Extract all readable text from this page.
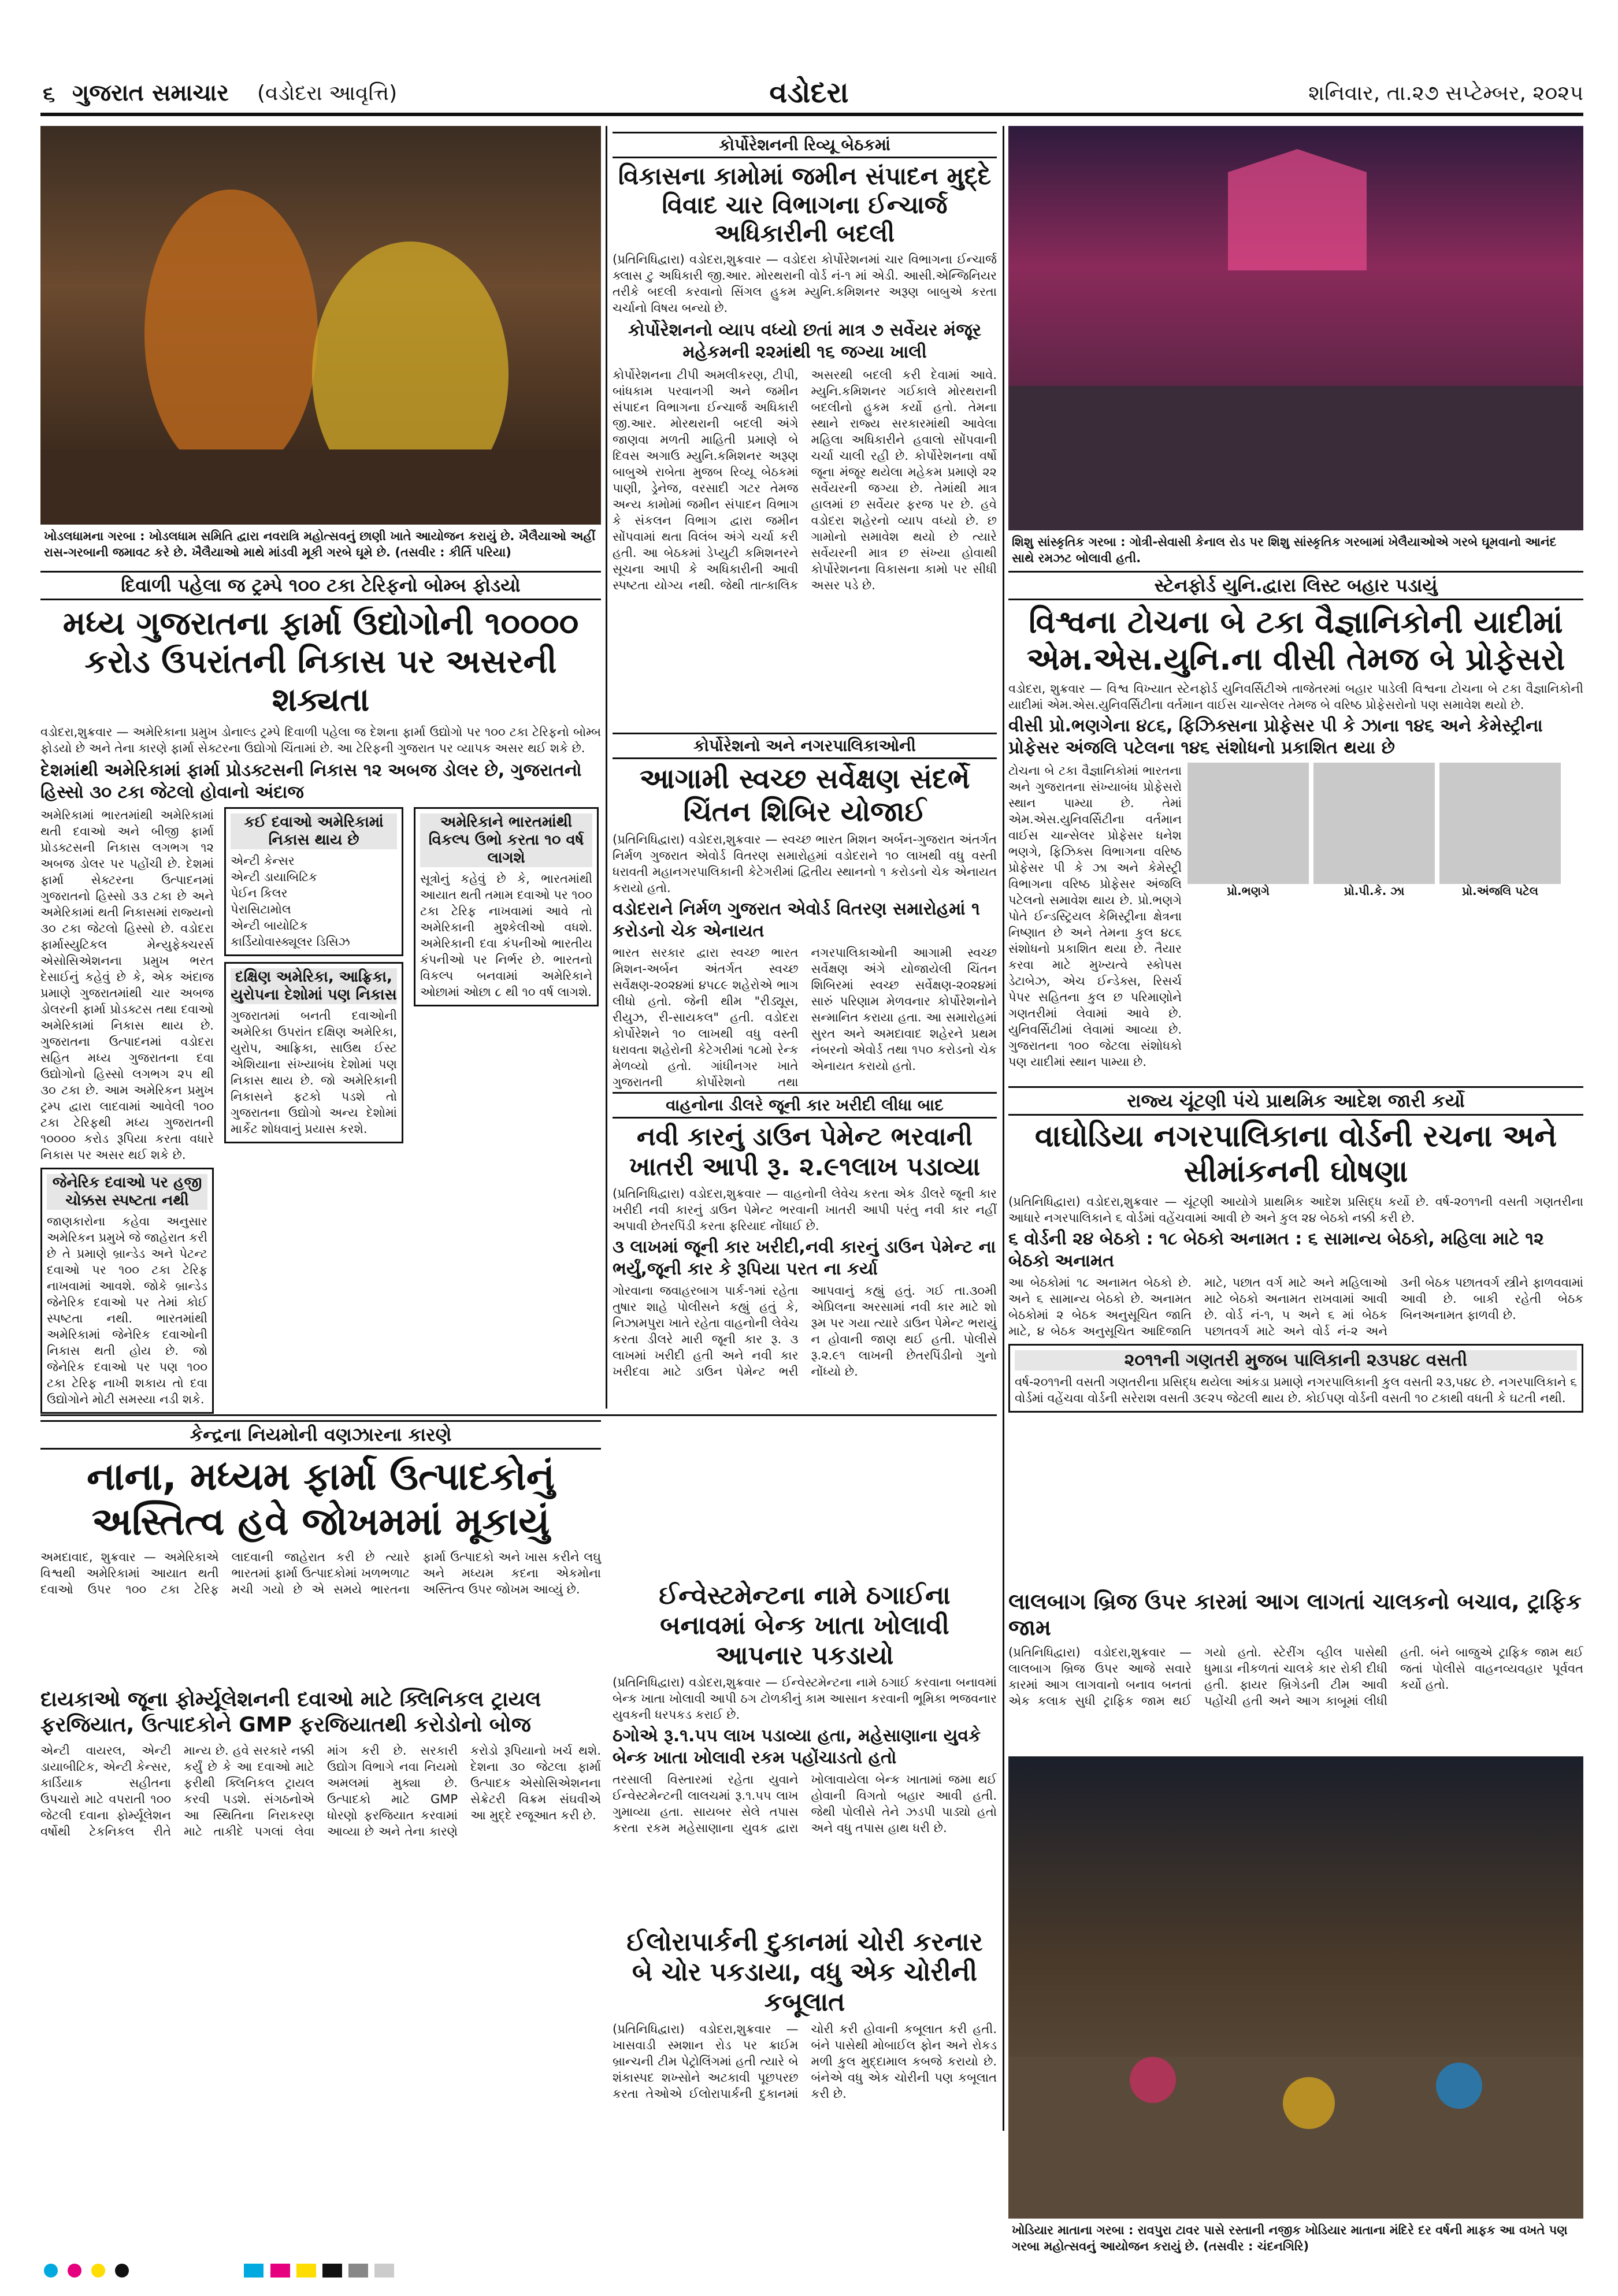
૬ ગુજરાત સમાચાર (વડોદરા આવૃત્તિ)	વડોદરા	શનિવાર, તા.૨૭ સપ્ટેમ્બર, ૨૦૨૫
ખોડલધામના ગરબા : ખોડલધામ સમિતિ દ્વારા નવરાત્રિ મહોત્સવનું છાણી ખાતે આયોજન કરાયું છે. ખૈલૈયાઓ અહીં રાસ-ગરબાની જમાવટ કરે છે. ખૈલૈયાઓ માથે માંડવી મૂકી ગરબે ઘૂમે છે. (તસવીર : કીર્તિ પરિયા)
શિશુ સાંસ્કૃતિક ગરબા : ગોત્રી-સેવાસી કેનાલ રોડ પર શિશુ સાંસ્કૃતિક ગરબામાં ખેલૈયાઓએ ગરબે ઘૂમવાનો આનંદ સાથે રમઝટ બોલાવી હતી.
કોર્પોરેશનની રિવ્યૂ બેઠકમાં
વિકાસના કામોમાં જમીન સંપાદન મુદ્દે વિવાદ ચાર વિભાગના ઈન્ચાર્જ અધિકારીની બદલી
(પ્રતિનિધિદ્વારા) વડોદરા,શુક્રવાર — વડોદરા કોર્પોરેશનમાં ચાર વિભાગના ઈન્ચાર્જ ક્લાસ ટુ અધિકારી જી.આર. મોરથરાની વોર્ડ નં-૧ માં એડી. આસી.એન્જિનિયર તરીકે બદલી કરવાનો સિંગલ હુકમ મ્યુનિ.કમિશનર અરૂણ બાબુએ કરતા ચર્ચાનો વિષય બન્યો છે.
કોર્પોરેશનનો વ્યાપ વધ્યો છતાં માત્ર ૭ સર્વેયર મંજૂર મહેકમની ૨૨માંથી ૧૬ જગ્યા ખાલી
કોર્પોરેશનના ટીપી અમલીકરણ, ટીપી, બાંધકામ પરવાનગી અને જમીન સંપાદન વિભાગના ઈન્ચાર્જ અધિકારી જી.આર. મોરથરાની બદલી અંગે જાણવા મળતી માહિતી પ્રમાણે બે દિવસ અગાઉ મ્યુનિ.કમિશનર અરૂણ બાબુએ રાબેતા મુજબ રિવ્યૂ બેઠકમાં પાણી, ડ્રેનેજ, વરસાદી ગટર તેમજ અન્ય કામોમાં જમીન સંપાદન વિભાગ કે સંકલન વિભાગ દ્વારા જમીન સોંપવામાં થતા વિલંબ અંગે ચર્ચા કરી હતી. આ બેઠકમાં ડેપ્યુટી કમિશનરને સૂચના આપી કે અધિકારીની આવી સ્પષ્ટતા યોગ્ય નથી. જેથી તાત્કાલિક અસરથી બદલી કરી દેવામાં આવે. મ્યુનિ.કમિશનર ગઈકાલે મોરથરાની બદલીનો હુકમ કર્યો હતો. તેમના સ્થાને રાજ્ય સરકારમાંથી આવેલા મહિલા અધિકારીને હવાલો સોંપવાની ચર્ચા ચાલી રહી છે. કોર્પોરેશનના વર્ષો જૂના મંજૂર થયેલા મહેકમ પ્રમાણે ૨૨ સર્વેયરની જગ્યા છે. તેમાંથી માત્ર હાલમાં છ સર્વેયર ફરજ પર છે. હવે વડોદરા શહેરનો વ્યાપ વધ્યો છે. છ ગામોનો સમાવેશ થયો છે ત્યારે સર્વેયરની માત્ર છ સંખ્યા હોવાથી કોર્પોરેશનના વિકાસના કામો પર સીધી અસર પડે છે.
દિવાળી પહેલા જ ટ્રમ્પે ૧૦૦ ટકા ટેરિફનો બોમ્બ ફોડયો
મધ્ય ગુજરાતના ફાર્મા ઉદ્યોગોની ૧૦૦૦૦ કરોડ ઉપરાંતની નિકાસ પર અસરની શક્યતા
વડોદરા,શુક્રવાર — અમેરિકાના પ્રમુખ ડોનાલ્ડ ટ્રમ્પે દિવાળી પહેલા જ દેશના ફાર્મા ઉદ્યોગો પર ૧૦૦ ટકા ટેરિફનો બોમ્બ ફોડયો છે અને તેના કારણે ફાર્મા સેક્ટરના ઉદ્યોગો ચિંતામાં છે. આ ટેરિફની ગુજરાત પર વ્યાપક અસર થઈ શકે છે.
દેશમાંથી અમેરિકામાં ફાર્મા પ્રોડક્ટસની નિકાસ ૧૨ અબજ ડોલર છે, ગુજરાતનો હિસ્સો ૩૦ ટકા જેટલો હોવાનો અંદાજ
અમેરિકામાં ભારતમાંથી અમેરિકામાં થતી દવાઓ અને બીજી ફાર્મા પ્રોડક્ટસની નિકાસ લગભગ ૧૨ અબજ ડોલર પર પહોંચી છે. દેશમાં ફાર્મા સેક્ટરના ઉત્પાદનમાં ગુજરાતનો હિસ્સો ૩૩ ટકા છે અને અમેરિકામાં થતી નિકાસમાં રાજ્યનો ૩૦ ટકા જેટલો હિસ્સો છે. વડોદરા ફાર્માસ્યુટિકલ મેન્યુફેક્ચરર્સ એસોસિએશનના પ્રમુખ ભરત દેસાઈનું કહેવું છે કે, એક અંદાજ પ્રમાણે ગુજરાતમાંથી ચાર અબજ ડોલરની ફાર્મા પ્રોડક્ટસ તથા દવાઓ અમેરિકામાં નિકાસ થાય છે. ગુજરાતના ઉત્પાદનમાં વડોદરા સહિત મધ્ય ગુજરાતના દવા ઉદ્યોગોનો હિસ્સો લગભગ ૨૫ થી ૩૦ ટકા છે. આમ અમેરિકન પ્રમુખ ટ્રમ્પ દ્વારા લાદવામાં આવેલી ૧૦૦ ટકા ટેરિફથી મધ્ય ગુજરાતની ૧૦૦૦૦ કરોડ રૂપિયા કરતા વધારે નિકાસ પર અસર થઈ શકે છે.
જેનેરિક દવાઓ પર હજી ચોક્કસ સ્પષ્ટતા નથી
જાણકારોના કહેવા અનુસાર અમેરિકન પ્રમુખે જે જાહેરાત કરી છે તે પ્રમાણે બ્રાન્ડેડ અને પેટન્ટ દવાઓ પર ૧૦૦ ટકા ટેરિફ નાખવામાં આવશે. જોકે બ્રાન્ડેડ જેનેરિક દવાઓ પર તેમાં કોઈ સ્પષ્ટતા નથી. ભારતમાંથી અમેરિકામાં જેનેરિક દવાઓની નિકાસ થતી હોય છે. જો જેનેરિક દવાઓ પર પણ ૧૦૦ ટકા ટેરિફ નાખી શકાય તો દવા ઉદ્યોગોને મોટી સમસ્યા નડી શકે.
કઈ દવાઓ અમેરિકામાં નિકાસ થાય છે
એન્ટી કેન્સર
એન્ટી ડાયાબિટિક
પેઈન કિલર
પેરાસિટામોલ
એન્ટી બાયોટિક
કાર્ડિયોવાસ્ક્યૂલર ડિસિઝ
દક્ષિણ અમેરિકા, આફ્રિકા, યુરોપના દેશોમાં પણ નિકાસ
ગુજરાતમાં બનતી દવાઓની અમેરિકા ઉપરાંત દક્ષિણ અમેરિકા, યુરોપ, આફ્રિકા, સાઉથ ઈસ્ટ એશિયાના સંખ્યાબંધ દેશોમાં પણ નિકાસ થાય છે. જો અમેરિકાની નિકાસને ફટકો પડશે તો ગુજરાતના ઉદ્યોગો અન્ય દેશોમાં માર્કેટ શોધવાનું પ્રયાસ કરશે.
અમેરિકાને ભારતમાંથી વિકલ્પ ઉભો કરતા ૧૦ વર્ષ લાગશે
સૂત્રોનું કહેવું છે કે, ભારતમાંથી આયાત થતી તમામ દવાઓ પર ૧૦૦ ટકા ટેરિફ નાખવામાં આવે તો અમેરિકાની મુશ્કેલીઓ વધશે. અમેરિકાની દવા કંપનીઓ ભારતીય કંપનીઓ પર નિર્ભર છે. ભારતનો વિકલ્પ બનવામાં અમેરિકાને ઓછામાં ઓછા ૮ થી ૧૦ વર્ષ લાગશે.
કોર્પોરેશનો અને નગરપાલિકાઓની
આગામી સ્વચ્છ સર્વેક્ષણ સંદર્ભે ચિંતન શિબિર યોજાઈ
(પ્રતિનિધિદ્વારા) વડોદરા,શુક્રવાર — સ્વચ્છ ભારત મિશન અર્બન-ગુજરાત અંતર્ગત નિર્મળ ગુજરાત એવોર્ડ વિતરણ સમારોહમાં વડોદરાને ૧૦ લાખથી વધુ વસ્તી ધરાવતી મહાનગરપાલિકાની કેટેગરીમાં દ્વિતીય સ્થાનનો ૧ કરોડનો ચેક એનાયત કરાયો હતો.
વડોદરાને નિર્મળ ગુજરાત એવોર્ડ વિતરણ સમારોહમાં ૧ કરોડનો ચેક એનાયત
ભારત સરકાર દ્વારા સ્વચ્છ ભારત મિશન-અર્બન અંતર્ગત સ્વચ્છ સર્વેક્ષણ-૨૦૨૪માં ૪૫૮૯ શહેરોએ ભાગ લીધો હતો. જેની થીમ "રીડ્યૂસ, રીયુઝ, રી-સાયકલ" હતી. વડોદરા કોર્પોરેશને ૧૦ લાખથી વધુ વસ્તી ધરાવતા શહેરોની કેટેગરીમાં ૧૮મો રેન્ક મેળવ્યો હતો. ગાંધીનગર ખાતે ગુજરાતની કોર્પોરેશનો તથા નગરપાલિકાઓની આગામી સ્વચ્છ સર્વેક્ષણ અંગે યોજાયેલી ચિંતન શિબિરમાં સ્વચ્છ સર્વેક્ષણ-૨૦૨૪માં સારું પરિણામ મેળવનાર કોર્પોરેશનોને સન્માનિત કરાયા હતા. આ સમારોહમાં સુરત અને અમદાવાદ શહેરને પ્રથમ નંબરનો એવોર્ડ તથા ૧૫૦ કરોડનો ચેક એનાયત કરાયો હતો.
વાહનોના ડીલરે જૂની કાર ખરીદી લીધા બાદ
નવી કારનું ડાઉન પેમેન્ટ ભરવાની ખાતરી આપી રૂ. ૨.૯૧લાખ પડાવ્યા
(પ્રતિનિધિદ્વારા) વડોદરા,શુક્રવાર — વાહનોની લેવેચ કરતા એક ડીલરે જૂની કાર ખરીદી નવી કારનું ડાઉન પેમેન્ટ ભરવાની ખાતરી આપી પરંતુ નવી કાર નહીં અપાવી છેતરપિંડી કરતા ફરિયાદ નોંધાઈ છે.
૩ લાખમાં જૂની કાર ખરીદી,નવી કારનું ડાઉન પેમેન્ટ ના ભર્યું,જૂની કાર કે રૂપિયા પરત ના કર્યા
ગોરવાના જવાહરબાગ પાર્ક-૧માં રહેતા તુષાર શાહે પોલીસને કહ્યું હતું કે, નિઝામપુરા ખાતે રહેતા વાહનોની લેવેચ કરતા ડીલરે મારી જૂની કાર રૂ. ૩ લાખમાં ખરીદી હતી અને નવી કાર ખરીદવા માટે ડાઉન પેમેન્ટ ભરી આપવાનું કહ્યું હતું. ગઈ તા.૩૦મી એપ્રિલના અરસામાં નવી કાર માટે શો રૂમ પર ગયા ત્યારે ડાઉન પેમેન્ટ ભરાયું ન હોવાની જાણ થઈ હતી. પોલીસે રૂ.૨.૯૧ લાખની છેતરપિંડીનો ગુનો નોંધ્યો છે.
સ્ટેનફોર્ડ યુનિ.દ્વારા લિસ્ટ બહાર પડાયું
વિશ્વના ટોચના બે ટકા વૈજ્ઞાનિકોની યાદીમાં એમ.એસ.યુનિ.ના વીસી તેમજ બે પ્રોફેસરો
વડોદરા, શુક્રવાર — વિશ્વ વિખ્યાત સ્ટેનફોર્ડ યુનિવર્સિટીએ તાજેતરમાં બહાર પાડેલી વિશ્વના ટોચના બે ટકા વૈજ્ઞાનિકોની યાદીમાં એમ.એસ.યુનિવર્સિટીના વર્તમાન વાઈસ ચાન્સેલર તેમજ બે વરિષ્ઠ પ્રોફેસરોનો પણ સમાવેશ થયો છે.
વીસી પ્રો.ભણગેના ૪૮૬, ફિઝિક્સના પ્રોફેસર પી કે ઝાના ૧૪૬ અને કેમેસ્ટ્રીના પ્રોફેસર અંજલિ પટેલના ૧૪૬ સંશોધનો પ્રકાશિત થયા છે
ટોચના બે ટકા વૈજ્ઞાનિકોમાં ભારતના અને ગુજરાતના સંખ્યાબંધ પ્રોફેસરો સ્થાન પામ્યા છે. તેમાં એમ.એસ.યુનિવર્સિટીના વર્તમાન વાઈસ ચાન્સેલર પ્રોફેસર ધનેશ ભણગે, ફિઝિક્સ વિભાગના વરિષ્ઠ પ્રોફેસર પી કે ઝા અને કેમેસ્ટ્રી વિભાગના વરિષ્ઠ પ્રોફેસર અંજલિ પટેલનો સમાવેશ થાય છે. પ્રો.ભણગે પોતે ઈન્ડસ્ટ્રિયલ કેમિસ્ટ્રીના ક્ષેત્રના નિષ્ણાત છે અને તેમના કુલ ૪૮૬ સંશોધનો પ્રકાશિત થયા છે. તૈયાર કરવા માટે મુખ્યત્વે સ્કોપસ ડેટાબેઝ, એચ ઈન્ડેક્સ, રિસર્ચ પેપર સહિતના કુલ છ પરિમાણોને ગણતરીમાં લેવામાં આવે છે. યુનિવર્સિટીમાં લેવામાં આવ્યા છે. ગુજરાતના ૧૦૦ જેટલા સંશોધકો પણ યાદીમાં સ્થાન પામ્યા છે.
પ્રો.ભણગે	પ્રો.પી.કે. ઝા	પ્રો.અંજલિ પટેલ
રાજ્ય ચૂંટણી પંચે પ્રાથમિક આદેશ જારી કર્યો
વાઘોડિયા નગરપાલિકાના વોર્ડની રચના અને સીમાંકનની ઘોષણા
(પ્રતિનિધિદ્વારા) વડોદરા,શુક્રવાર — ચૂંટણી આયોગે પ્રાથમિક આદેશ પ્રસિદ્ધ કર્યો છે. વર્ષ-૨૦૧૧ની વસતી ગણતરીના આધારે નગરપાલિકાને ૬ વોર્ડમાં વહેંચવામાં આવી છે અને કુલ ૨૪ બેઠકો નક્કી કરી છે.
૬ વોર્ડની ૨૪ બેઠકો : ૧૮ બેઠકો અનામત : ૬ સામાન્ય બેઠકો, મહિલા માટે ૧૨ બેઠકો અનામત
આ બેઠકોમાં ૧૮ અનામત બેઠકો છે. અને ૬ સામાન્ય બેઠકો છે. અનામત બેઠકોમાં ૨ બેઠક અનુસૂચિત જાતિ માટે, ૪ બેઠક અનુસૂચિત આદિજાતિ માટે, પછાત વર્ગ માટે અને મહિલાઓ માટે બેઠકો અનામત રાખવામાં આવી છે. વોર્ડ નં-૧, ૫ અને ૬ માં બેઠક પછાતવર્ગ માટે અને વોર્ડ નં-૨ અને ૩ની બેઠક પછાતવર્ગ સ્ત્રીને ફાળવવામાં આવી છે. બાકી રહેતી બેઠક બિનઅનામત ફાળવી છે.
૨૦૧૧ની ગણતરી મુજબ પાલિકાની ૨૩૫૪૮ વસતી
વર્ષ-૨૦૧૧ની વસતી ગણતરીના પ્રસિદ્ધ થયેલા આંકડા પ્રમાણે નગરપાલિકાની કુલ વસતી ૨૩,૫૪૮ છે. નગરપાલિકાને ૬ વોર્ડમાં વહેંચવા વોર્ડની સરેરાશ વસતી ૩૯૨૫ જેટલી થાય છે. કોઈપણ વોર્ડની વસતી ૧૦ ટકાથી વધતી કે ઘટતી નથી.
કેન્દ્રના નિયમોની વણઝારના કારણે
નાના, મધ્યમ ફાર્મા ઉત્પાદકોનું અસ્તિત્વ હવે જોખમમાં મૂકાયું
અમદાવાદ, શુક્રવાર — અમેરિકાએ વિશ્વથી અમેરિકામાં આયાત થતી દવાઓ ઉપર ૧૦૦ ટકા ટેરિફ લાદવાની જાહેરાત કરી છે ત્યારે ભારતમાં ફાર્મા ઉત્પાદકોમાં ખળભળાટ મચી ગયો છે એ સમયે ભારતના ફાર્મા ઉત્પાદકો અને ખાસ કરીને લઘુ અને મધ્યમ કદના એકમોના અસ્તિત્વ ઉપર જોખમ આવ્યું છે.
દાયકાઓ જૂના ફોર્મ્યૂલેશનની દવાઓ માટે ક્લિનિકલ ટ્રાયલ ફરજિયાત, ઉત્પાદકોને GMP ફરજિયાતથી કરોડોનો બોજ
એન્ટી વાયરલ, એન્ટી ડાયાબીટિક, એન્ટી કેન્સર, કાર્ડિયાક સહીતના ઉપચારો માટે વપરાતી ૧૦૦ જેટલી દવાના ફોર્મ્યૂલેશન વર્ષોથી ટેકનિકલ રીતે માન્ય છે. હવે સરકારે નક્કી કર્યું છે કે આ દવાઓ માટે ફરીથી ક્લિનિકલ ટ્રાયલ કરવી પડશે. સંગઠનોએ આ સ્થિતિના નિરાકરણ માટે તાકીદે પગલાં લેવા માંગ કરી છે. સરકારી ઉદ્યોગ વિભાગે નવા નિયમો અમલમાં મુક્યા છે. ઉત્પાદકો માટે GMP ધોરણો ફરજિયાત કરવામાં આવ્યા છે અને તેના કારણે કરોડો રૂપિયાનો ખર્ચ થશે. દેશના ૩૦ જેટલા ફાર્મા ઉત્પાદક એસોસિએશનના સેક્રેટરી વિક્રમ સંઘવીએ આ મુદ્દે રજૂઆત કરી છે.
ઈન્વેસ્ટમેન્ટના નામે ઠગાઈના બનાવમાં બેન્ક ખાતા ખોલાવી આપનાર પકડાયો
(પ્રતિનિધિદ્વારા) વડોદરા,શુક્રવાર — ઈન્વેસ્ટમેન્ટના નામે ઠગાઈ કરવાના બનાવમાં બેન્ક ખાતા ખોલાવી આપી ઠગ ટોળકીનું કામ આસાન કરવાની ભૂમિકા ભજવનાર યુવકની ધરપકડ કરાઈ છે.
ઠગોએ રૂ.૧.૫૫ લાખ પડાવ્યા હતા, મહેસાણાના યુવકે બેન્ક ખાતા ખોલાવી રકમ પહોંચાડતો હતો
તરસાલી વિસ્તારમાં રહેતા યુવાને ઈન્વેસ્ટમેન્ટની લાલચમાં રૂ.૧.૫૫ લાખ ગુમાવ્યા હતા. સાયબર સેલે તપાસ કરતા રકમ મહેસાણાના યુવક દ્વારા ખોલાવાયેલા બેન્ક ખાતામાં જમા થઈ હોવાની વિગતો બહાર આવી હતી. જેથી પોલીસે તેને ઝડપી પાડ્યો હતો અને વધુ તપાસ હાથ ધરી છે.
ઈલોરાપાર્કની દુકાનમાં ચોરી કરનાર બે ચોર પકડાયા, વધુ એક ચોરીની કબૂલાત
(પ્રતિનિધિદ્વારા) વડોદરા,શુક્રવાર — ખાસવાડી સ્મશાન રોડ પર ક્રાઈમ બ્રાન્ચની ટીમ પેટ્રોલિંગમાં હતી ત્યારે બે શંકાસ્પદ શખ્સોને અટકાવી પૂછપરછ કરતા તેઓએ ઈલોરાપાર્કની દુકાનમાં ચોરી કરી હોવાની કબૂલાત કરી હતી. બંને પાસેથી મોબાઈલ ફોન અને રોકડ મળી કુલ મુદ્દામાલ કબજે કરાયો છે. બંનેએ વધુ એક ચોરીની પણ કબૂલાત કરી છે.
લાલબાગ બ્રિજ ઉપર કારમાં આગ લાગતાં ચાલકનો બચાવ, ટ્રાફિક જામ
(પ્રતિનિધિદ્વારા) વડોદરા,શુક્રવાર — લાલબાગ બ્રિજ ઉપર આજે સવારે કારમાં આગ લાગવાનો બનાવ બનતાં એક કલાક સુધી ટ્રાફિક જામ થઈ ગયો હતો. સ્ટેરીંગ વ્હીલ પાસેથી ધુમાડા નીકળતાં ચાલકે કાર રોકી દીધી હતી. ફાયર બ્રિગેડની ટીમ આવી પહોંચી હતી અને આગ કાબૂમાં લીધી હતી. બંને બાજુએ ટ્રાફિક જામ થઈ જતાં પોલીસે વાહનવ્યવહાર પૂર્વવત કર્યો હતો.
ખોડિયાર માતાના ગરબા : રાવપુરા ટાવર પાસે રસ્તાની નજીક ખોડિયાર માતાના મંદિરે દર વર્ષની માફક આ વખતે પણ ગરબા મહોત્સવનું આયોજન કરાયું છે. (તસવીર : ચંદનગિરિ)
